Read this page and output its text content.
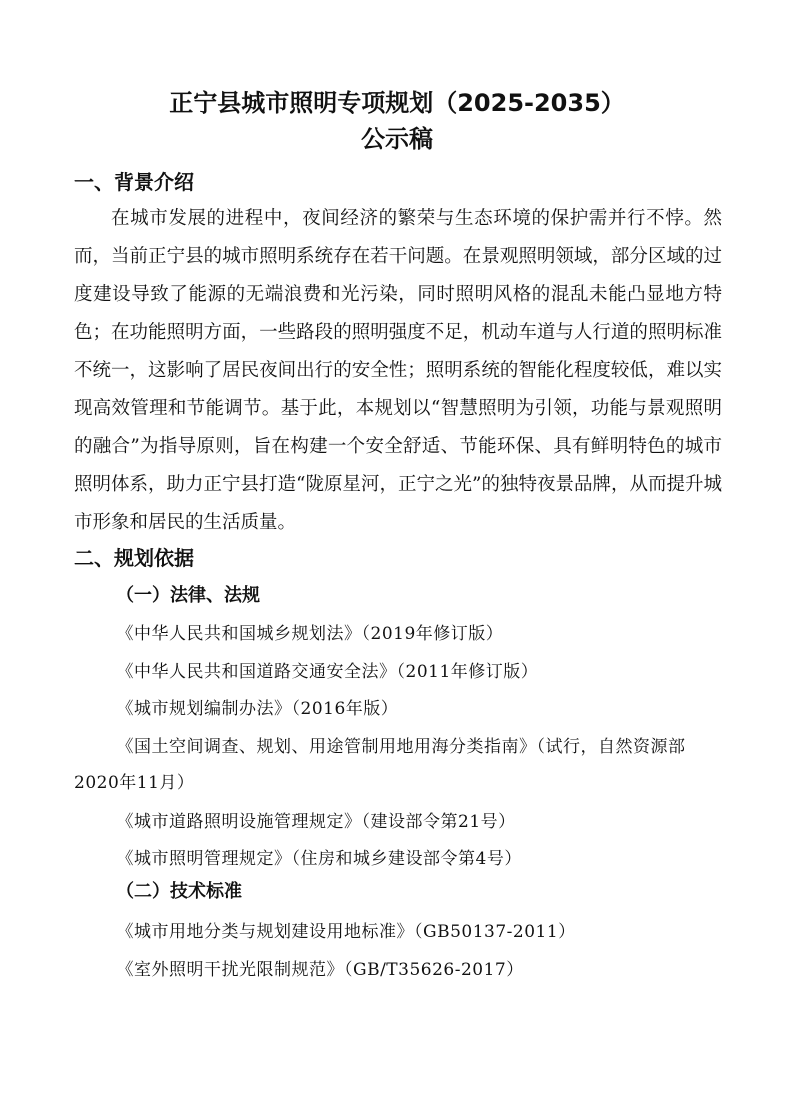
正宁县城市照明专项规划（2025-2035）
公示稿
一、背景介绍

在城市发展的进程中，夜间经济的繁荣与生态环境的保护需并行不悖。然而，当前正宁县的城市照明系统存在若干问题。在景观照明领域，部分区域的过度建设导致了能源的无端浪费和光污染，同时照明风格的混乱未能凸显地方特色；在功能照明方面，一些路段的照明强度不足，机动车道与人行道的照明标准不统一，这影响了居民夜间出行的安全性；照明系统的智能化程度较低，难以实现高效管理和节能调节。基于此，本规划以“智慧照明为引领，功能与景观照明的融合”为指导原则，旨在构建一个安全舒适、节能环保、具有鲜明特色的城市照明体系，助力正宁县打造“陇原星河，正宁之光”的独特夜景品牌，从而提升城市形象和居民的生活质量。

二、规划依据
（一）法律、法规

《中华人民共和国城乡规划法》（2019年修订版）

《中华人民共和国道路交通安全法》（2011年修订版）

《城市规划编制办法》（2016年版）

《国土空间调查、规划、用途管制用地用海分类指南》（试行，自然资源部2020年11月）

《城市道路照明设施管理规定》（建设部令第21号）

《城市照明管理规定》（住房和城乡建设部令第4号）

（二）技术标准

《城市用地分类与规划建设用地标准》（GB50137-2011）

《室外照明干扰光限制规范》（GB/T35626-2017）
